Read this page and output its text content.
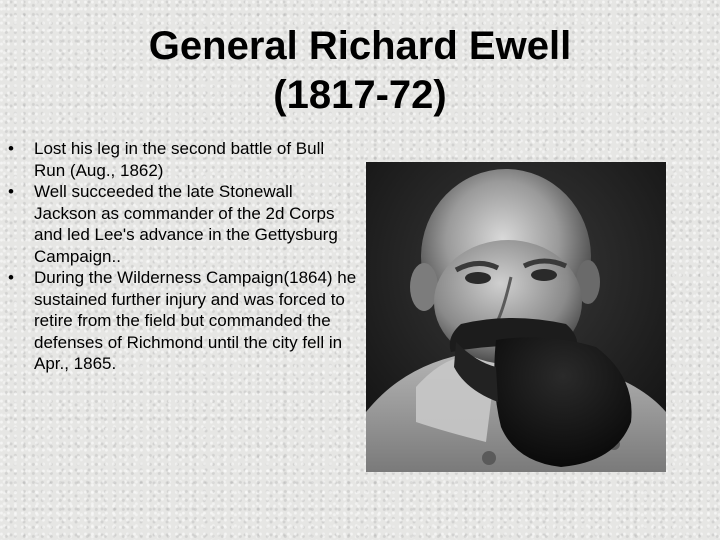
General Richard Ewell
(1817-72)
•	Lost his leg in the second battle of Bull Run (Aug., 1862)
•	Well succeeded the late Stonewall Jackson as commander of the 2d Corps and led Lee's advance in the Gettysburg Campaign..
•	During the Wilderness Campaign(1864) he sustained further injury and was forced to retire from the field but commanded the defenses of Richmond until the city fell in Apr., 1865.
